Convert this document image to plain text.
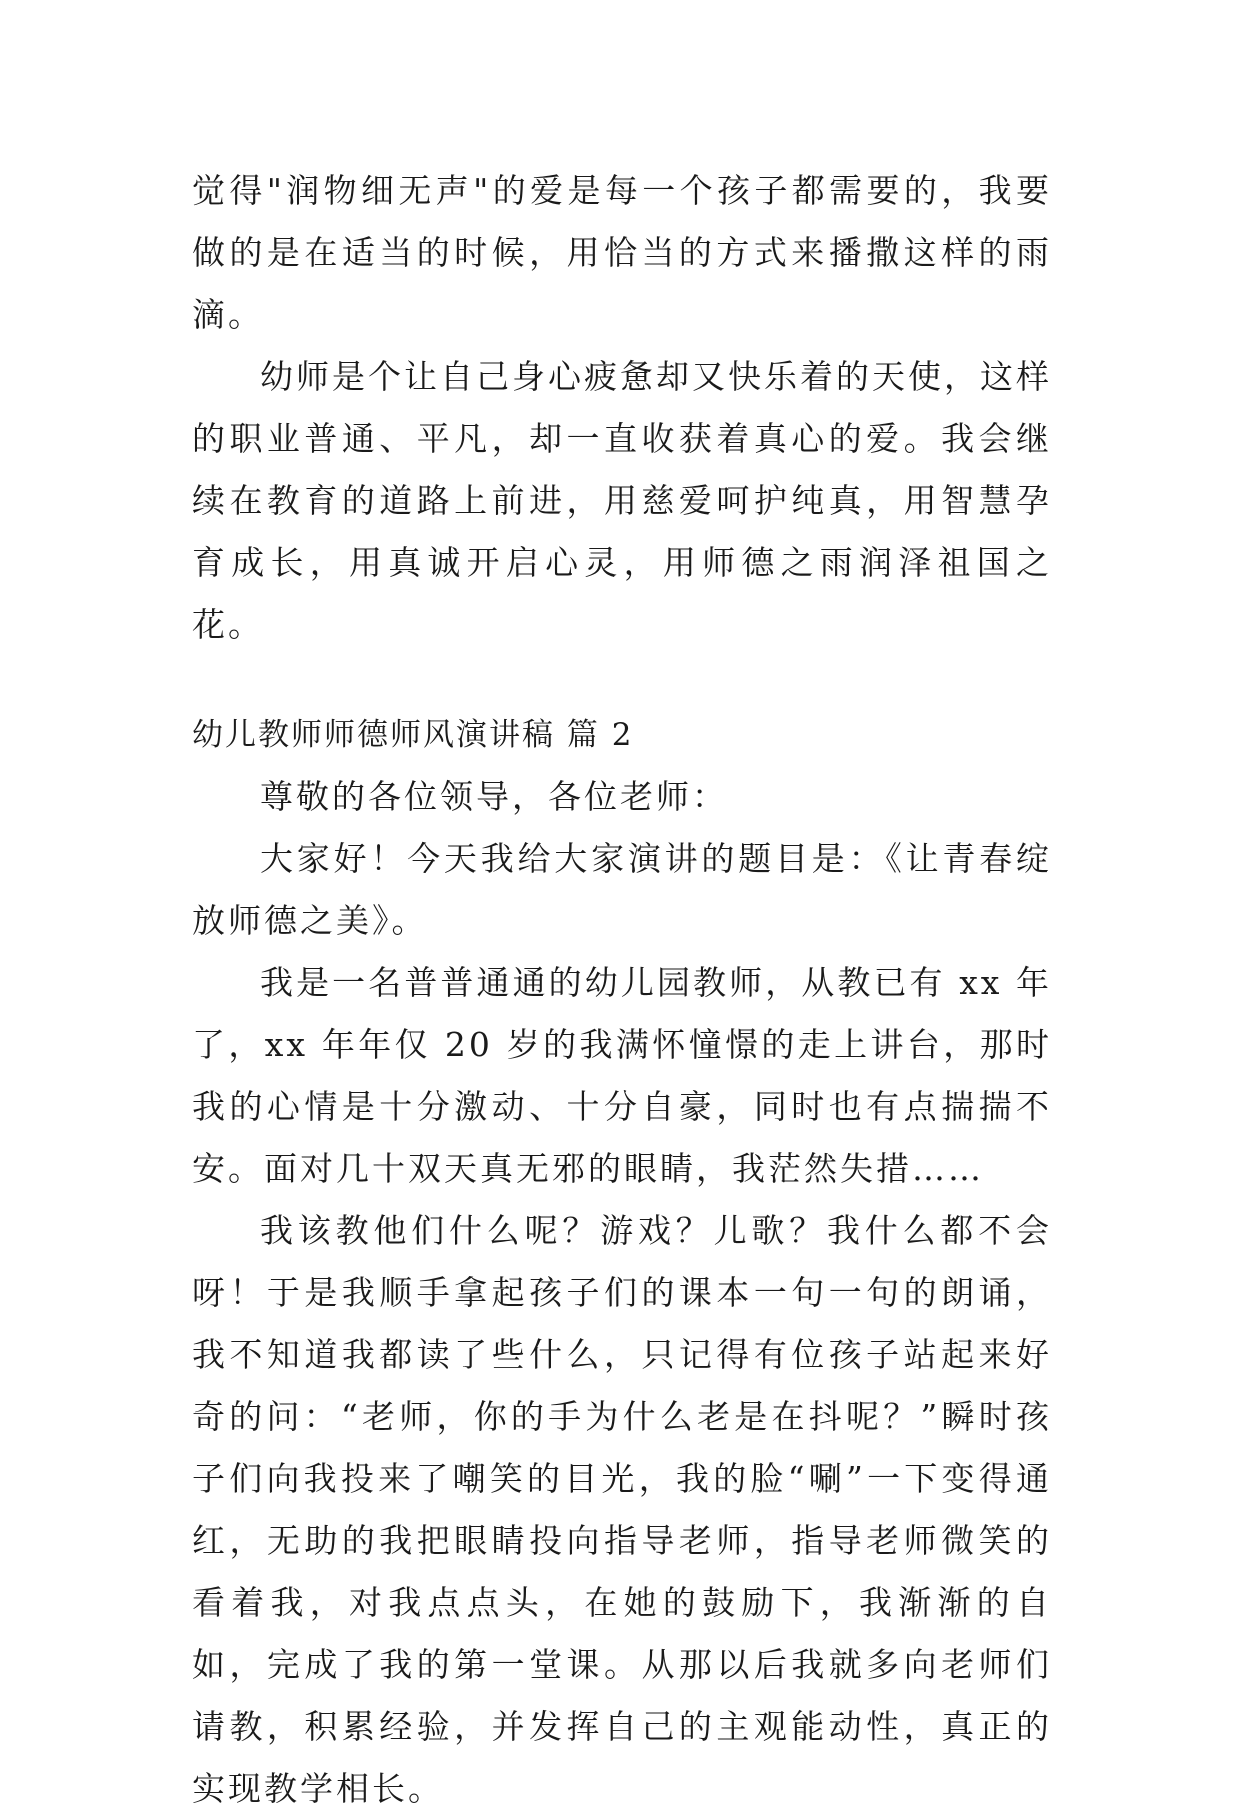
觉得"润物细无声"的爱是每一个孩子都需要的，我要做的是在适当的时候，用恰当的方式来播撒这样的雨滴。

幼师是个让自己身心疲惫却又快乐着的天使，这样的职业普通、平凡，却一直收获着真心的爱。我会继续在教育的道路上前进，用慈爱呵护纯真，用智慧孕育成长，用真诚开启心灵，用师德之雨润泽祖国之花。

幼儿教师师德师风演讲稿 篇 2

尊敬的各位领导，各位老师：

大家好！今天我给大家演讲的题目是：《让青春绽放师德之美》。

我是一名普普通通的幼儿园教师，从教已有 xx 年了，xx 年年仅 20 岁的我满怀憧憬的走上讲台，那时我的心情是十分激动、十分自豪，同时也有点揣揣不安。面对几十双天真无邪的眼睛，我茫然失措……

我该教他们什么呢？游戏？儿歌？我什么都不会呀！于是我顺手拿起孩子们的课本一句一句的朗诵，我不知道我都读了些什么，只记得有位孩子站起来好奇的问：“老师，你的手为什么老是在抖呢？”瞬时孩子们向我投来了嘲笑的目光，我的脸“唰”一下变得通红，无助的我把眼睛投向指导老师，指导老师微笑的看着我，对我点点头，在她的鼓励下，我渐渐的自如，完成了我的第一堂课。从那以后我就多向老师们请教，积累经验，并发挥自己的主观能动性，真正的实现教学相长。
